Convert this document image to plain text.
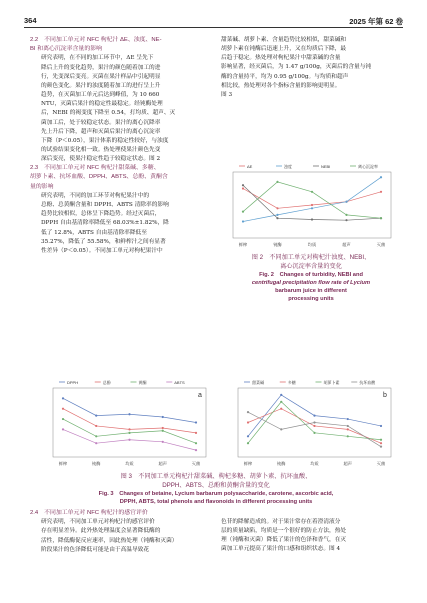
364	2025 年第 62 卷
2.2　不同加工单元对 NFC 枸杞汁 ΔE、浊度、NE-
BI 和离心沉淀率含量的影响
研究表明，在不同的加工环节中，ΔE 呈先下
降后上升的变化趋势，果汁的颜色随着加工的进
行，先变深后变亮。灭菌在果汁样品中引起明显
的颜色变化。果汁的浊度随着加工的进行呈上升
趋势，在灭菌加工单元后达到峰值，为 10 660
NTU，灭菌后果汁的稳定性最稳定。经钝酶处理
后，NEBI 的褐变度下降至 0.54，打均质、超声、灭
菌加工后，处于较稳定状态。果汁的离心沉降率
先上升后下降，超声和灭菌后果汁的离心沉淀率
下降（P＜0.05），果汁体系的稳定性较好，与浊度
的试验结果变化相一致。热处理使果汁颜色先变
深后变亮，使果汁稳定性趋于较稳定状态。图 2
2.3　不同加工单元对 NFC 枸杞汁甜菜碱、多糖、
胡萝卜素、抗坏血酸、DPPH、ABTS、总酚、黄酮含
量的影响
研究表明，不同的加工环节对枸杞果汁中的
总酚、总黄酮含量和 DPPH、ABTS 清除率的影响
趋势比较相似，总体呈下降趋势。经过灭菌后，
DPPH 自由基清除率降低至 68.03%±1.82%，降
低了 12.8%，ABTS 自由基清除率降低至
35.27%，降低了 55.58%，和鲜榨汁之间有显著
性差异（P＜0.05）。不同加工单元对枸杞果汁中
甜菜碱、胡萝卜素、含量趋势比较相似，甜菜碱和
胡萝卜素在钝酶后迅速上升，又在均质后下降，最
后趋于稳定。热处理对枸杞果汁中甜菜碱的含量
影响显著，经灭菌后，为 1.47 g/100g，灭菌后的含量与钝
酶的含量持平，均为 0.95 g/100g。与均质和超声
相比较，热处理对各个指标含量的影响更明显。
图 3
ΔE	浊度	NEBI	离心沉淀率
鲜榨	钝酶	均质	超声	灭菌
图 2　不同加工单元对枸杞汁浊度、NEBI、
离心沉淀率含量的变化
Fig. 2　Changes of turbidity, NEBI and
centrifugal precipitation flow rate of Lycium
barbarum juice in different
processing units
DPPH	总酚	黄酮	ABTS
a
鲜榨	钝酶	均质	超声	灭菌
甜菜碱	多糖	胡萝卜素	抗坏血酸
b
鲜榨	钝酶	均质	超声	灭菌
图 3　不同加工单元枸杞汁甜菜碱、枸杞多糖、胡萝卜素、抗坏血酸、
DPPH、ABTS、总酚和黄酮含量的变化
Fig. 3　Changes of betaine, Lycium barbarum polysaccharide, carotene, ascorbic acid,
DPPH, ABTS, total phenols and flavonoids in different processing units
2.4　不同加工单元对 NFC 枸杞汁的感官评价
研究表明，不同加工单元对枸杞汁的感官评价
存在明显差异。此外热处理温度会显著降低酶的
活性，降低酶促反应速率，因此热处理（钝酶和灭菌）
阶段果汁的色泽降低可能是由于高温导致花
色苷的降解造成的。对于果汁常存在着澄清液分
层的质量缺陷，均质是一个很好的防止方法，热处
理（钝酶和灭菌）降低了果汁的色泽和香气，在灭
菌加工单元提高了果汁的口感和组织状态。图 4
